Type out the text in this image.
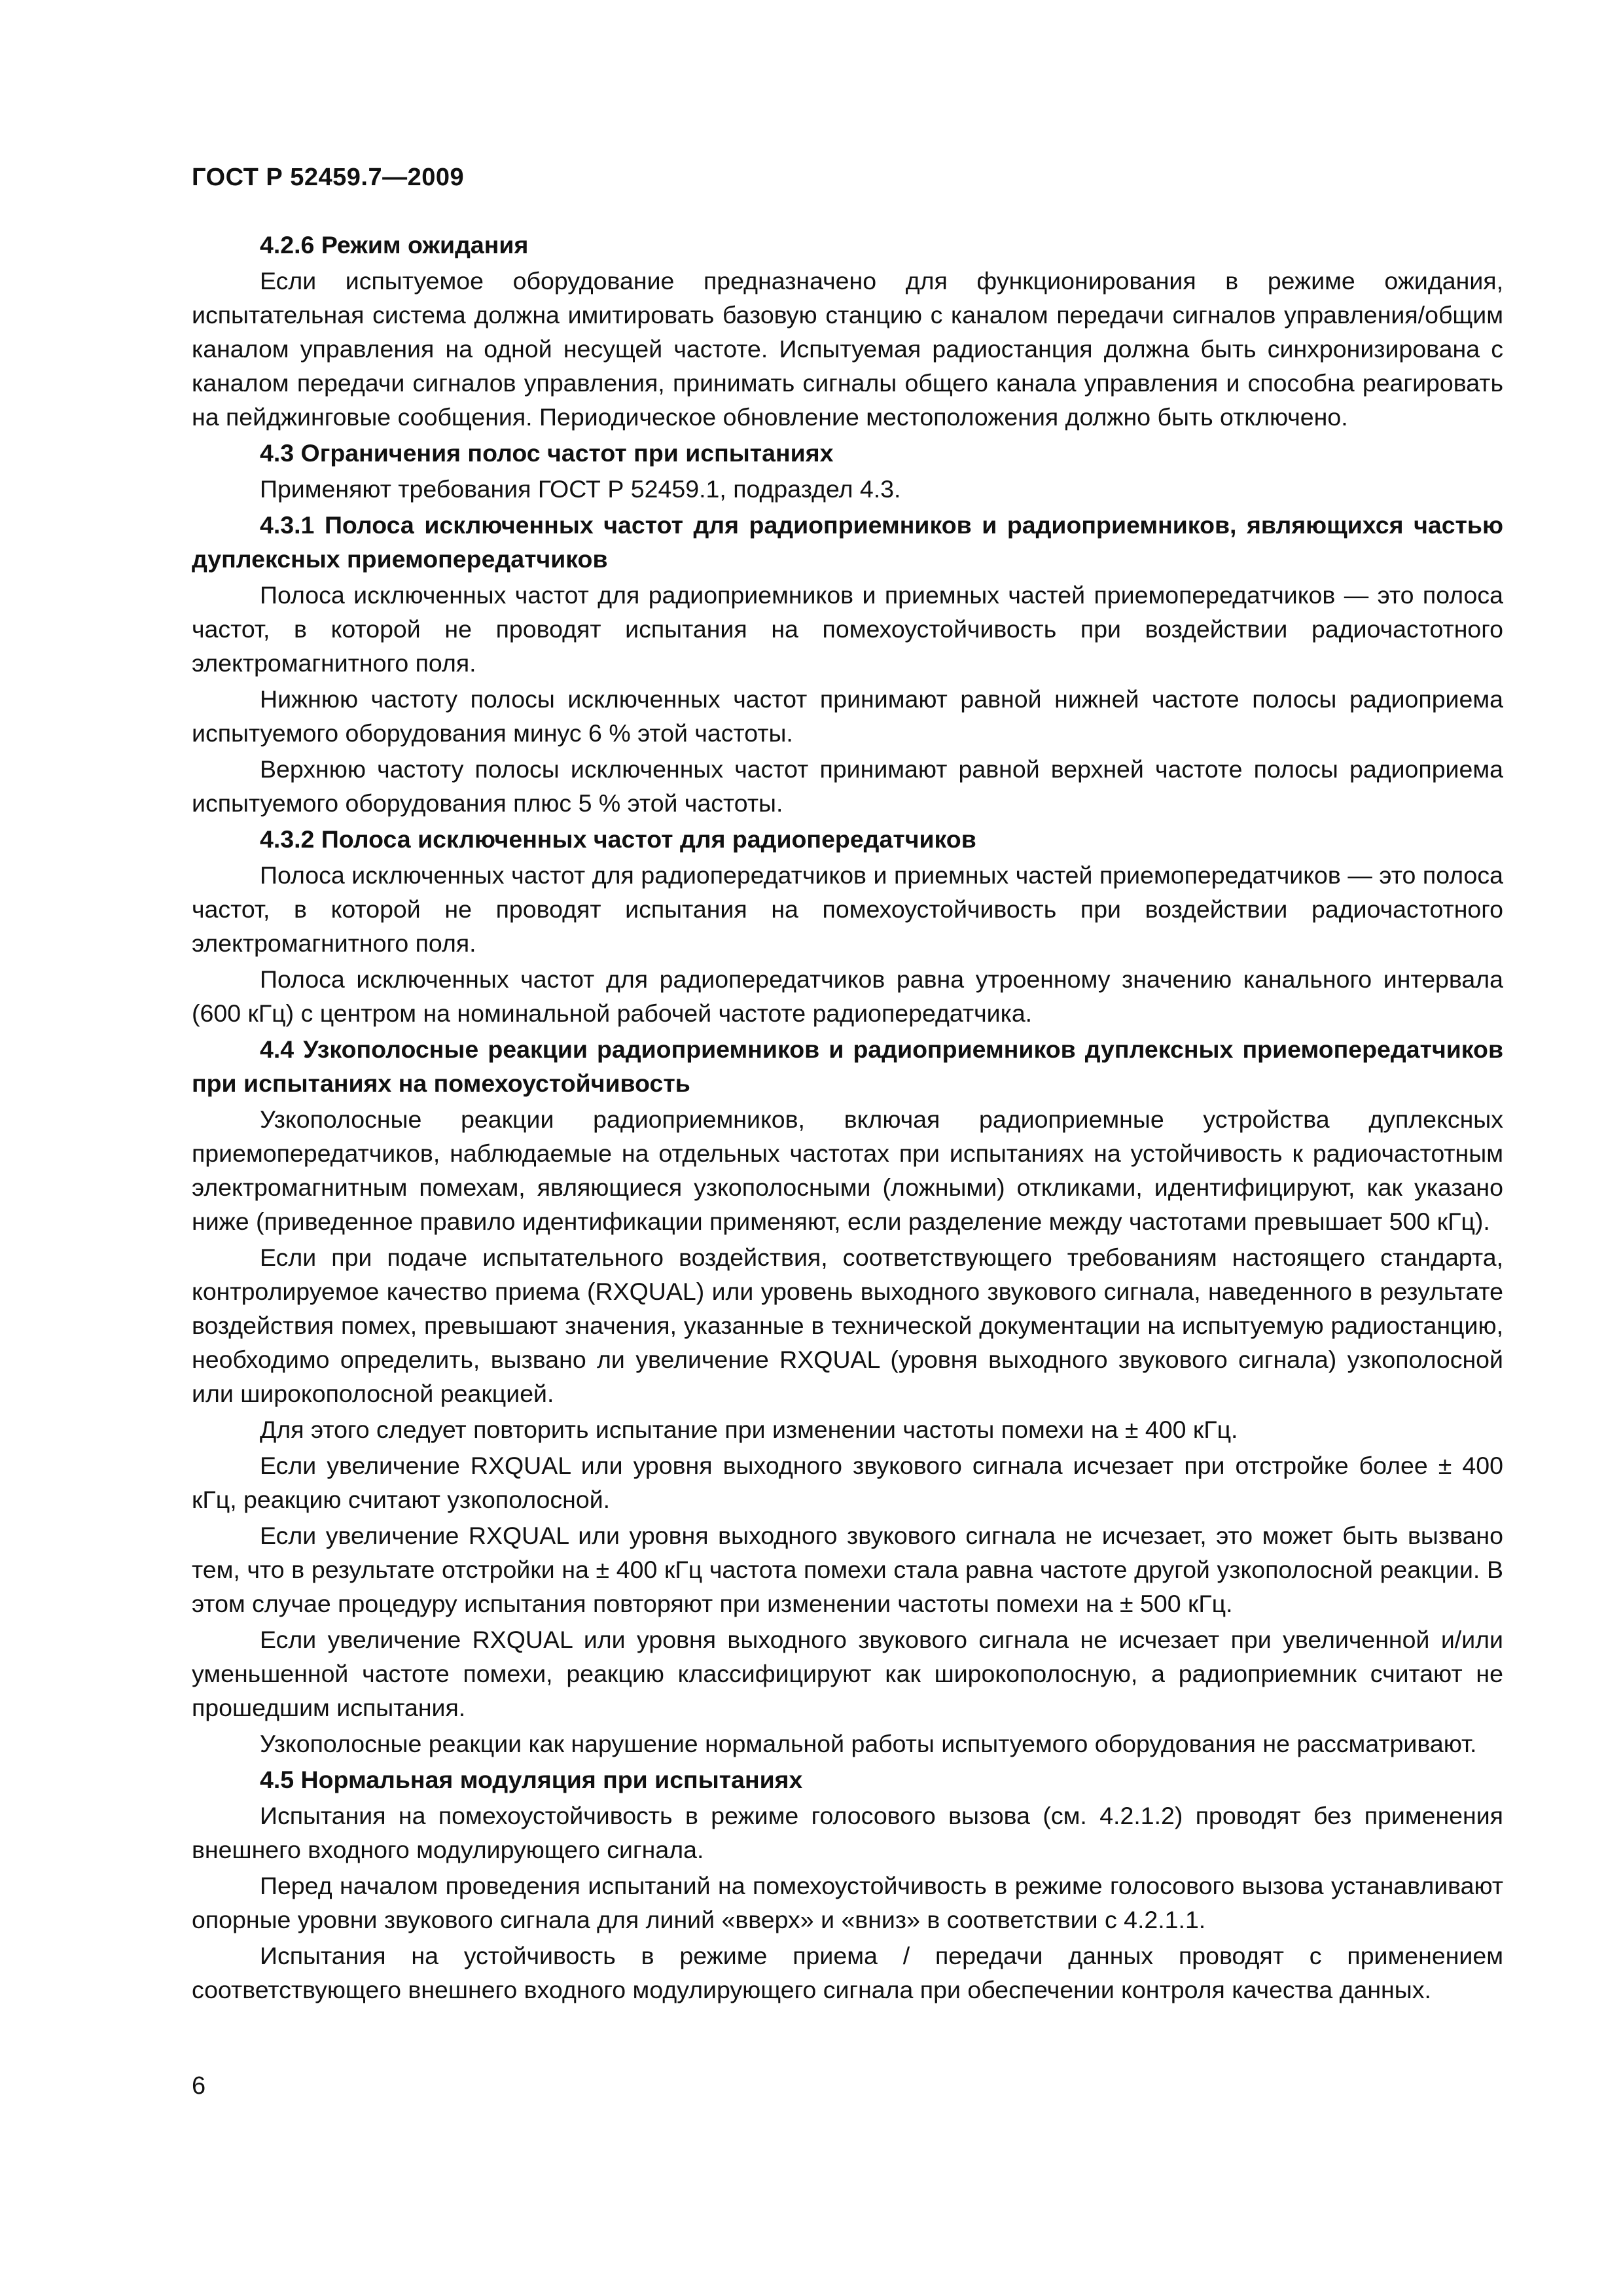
ГОСТ Р 52459.7—2009

4.2.6 Режим ожидания

Если испытуемое оборудование предназначено для функционирования в режиме ожидания, испытательная система должна имитировать базовую станцию с каналом передачи сигналов управления/общим каналом управления на одной несущей частоте. Испытуемая радиостанция должна быть синхронизирована с каналом передачи сигналов управления, принимать сигналы общего канала управления и способна реагировать на пейджинговые сообщения. Периодическое обновление местоположения должно быть отключено.

4.3 Ограничения полос частот при испытаниях

Применяют требования ГОСТ Р 52459.1, подраздел 4.3.

4.3.1 Полоса исключенных частот для радиоприемников и радиоприемников, являющихся частью дуплексных приемопередатчиков

Полоса исключенных частот для радиоприемников и приемных частей приемопередатчиков — это полоса частот, в которой не проводят испытания на помехоустойчивость при воздействии радиочастотного электромагнитного поля.

Нижнюю частоту полосы исключенных частот принимают равной нижней частоте полосы радиоприема испытуемого оборудования минус 6 % этой частоты.

Верхнюю частоту полосы исключенных частот принимают равной верхней частоте полосы радиоприема испытуемого оборудования плюс 5 % этой частоты.

4.3.2 Полоса исключенных частот для радиопередатчиков

Полоса исключенных частот для радиопередатчиков и приемных частей приемопередатчиков — это полоса частот, в которой не проводят испытания на помехоустойчивость при воздействии радиочастотного электромагнитного поля.

Полоса исключенных частот для радиопередатчиков равна утроенному значению канального интервала (600 кГц) с центром на номинальной рабочей частоте радиопередатчика.

4.4 Узкополосные реакции радиоприемников и радиоприемников дуплексных приемопередатчиков при испытаниях на помехоустойчивость

Узкополосные реакции радиоприемников, включая радиоприемные устройства дуплексных приемопередатчиков, наблюдаемые на отдельных частотах при испытаниях на устойчивость к радиочастотным электромагнитным помехам, являющиеся узкополосными (ложными) откликами, идентифицируют, как указано ниже (приведенное правило идентификации применяют, если разделение между частотами превышает 500 кГц).

Если при подаче испытательного воздействия, соответствующего требованиям настоящего стандарта, контролируемое качество приема (RXQUAL) или уровень выходного звукового сигнала, наведенного в результате воздействия помех, превышают значения, указанные в технической документации на испытуемую радиостанцию, необходимо определить, вызвано ли увеличение RXQUAL (уровня выходного звукового сигнала) узкополосной или широкополосной реакцией.

Для этого следует повторить испытание при изменении частоты помехи на ± 400 кГц.

Если увеличение RXQUAL или уровня выходного звукового сигнала исчезает при отстройке более ± 400 кГц, реакцию считают узкополосной.

Если увеличение RXQUAL или уровня выходного звукового сигнала не исчезает, это может быть вызвано тем, что в результате отстройки на ± 400 кГц частота помехи стала равна частоте другой узкополосной реакции. В этом случае процедуру испытания повторяют при изменении частоты помехи на ± 500 кГц.

Если увеличение RXQUAL или уровня выходного звукового сигнала не исчезает при увеличенной и/или уменьшенной частоте помехи, реакцию классифицируют как широкополосную, а радиоприемник считают не прошедшим испытания.

Узкополосные реакции как нарушение нормальной работы испытуемого оборудования не рассматривают.

4.5 Нормальная модуляция при испытаниях

Испытания на помехоустойчивость в режиме голосового вызова (см. 4.2.1.2) проводят без применения внешнего входного модулирующего сигнала.

Перед началом проведения испытаний на помехоустойчивость в режиме голосового вызова устанавливают опорные уровни звукового сигнала для линий «вверх» и «вниз» в соответствии с 4.2.1.1.

Испытания на устойчивость в режиме приема / передачи данных проводят с применением соответствующего внешнего входного модулирующего сигнала при обеспечении контроля качества данных.

6
